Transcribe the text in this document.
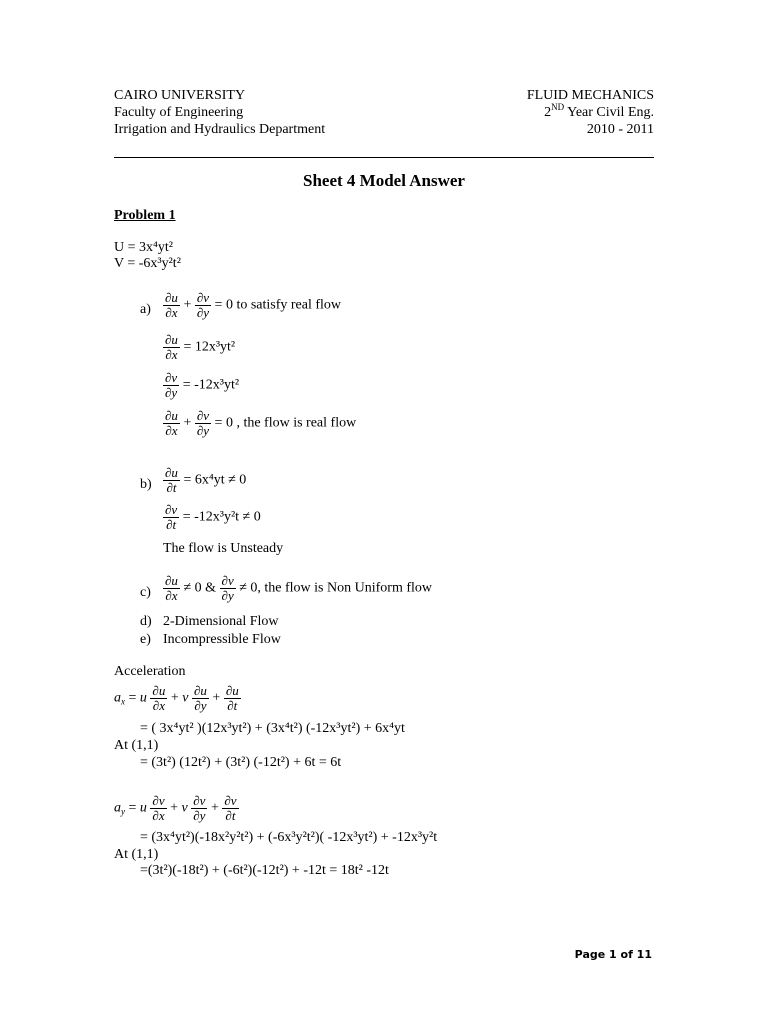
CAIRO UNIVERSITY
Faculty of Engineering
Irrigation and Hydraulics Department
FLUID MECHANICS
2ND Year Civil Eng.
2010 - 2011
Sheet 4 Model Answer
Problem 1
U = 3x⁴yt²
V = -6x³y²t²
$a) \frac{\partial u}{\partial x} + \frac{\partial v}{\partial y} = 0$ to satisfy real flow
$\frac{\partial u}{\partial x} = 12x^3yt^2$
$\frac{\partial v}{\partial y} = -12x^3yt^2$
$\frac{\partial u}{\partial x} + \frac{\partial v}{\partial y} = 0$ , the flow is real flow
$b) \frac{\partial u}{\partial t} = 6x^4yt \ne 0$
$\frac{\partial v}{\partial t} = -12x^3y^2t \ne 0$
The flow is Unsteady
$c) \frac{\partial u}{\partial x} \ne 0$ & $\frac{\partial v}{\partial y} \ne 0$, the flow is Non Uniform flow
d) 2-Dimensional Flow
e) Incompressible Flow
Acceleration
$a_x = u \frac{\partial u}{\partial x} + v \frac{\partial u}{\partial y} + \frac{\partial u}{\partial t}$
= ( 3x⁴yt² )(12x³yt²) + (3x⁴t²) (-12x³yt²) + 6x⁴yt
At (1,1)
= (3t²) (12t²) + (3t²) (-12t²) + 6t = 6t
$a_y = u \frac{\partial v}{\partial x} + v \frac{\partial v}{\partial y} + \frac{\partial v}{\partial t}$
= (3x⁴yt²)(-18x²y²t²) + (-6x³y²t²)( -12x³yt²) + -12x³y²t
At (1,1)
=(3t²)(-18t²) + (-6t²)(-12t²) + -12t = 18t² -12t
Page 1 of 11
